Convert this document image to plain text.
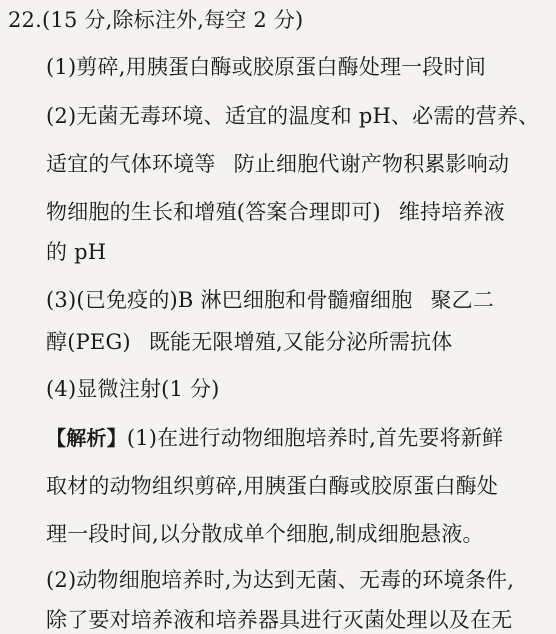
22.(15 分,除标注外,每空 2 分)
(1)剪碎,用胰蛋白酶或胶原蛋白酶处理一段时间
(2)无菌无毒环境、适宜的温度和 pH、必需的营养、
适宜的气体环境等 防止细胞代谢产物积累影响动
物细胞的生长和增殖(答案合理即可) 维持培养液
的 pH
(3)(已免疫的)B 淋巴细胞和骨髓瘤细胞 聚乙二
醇(PEG) 既能无限增殖,又能分泌所需抗体
(4)显微注射(1 分)
【解析】(1)在进行动物细胞培养时,首先要将新鲜
取材的动物组织剪碎,用胰蛋白酶或胶原蛋白酶处
理一段时间,以分散成单个细胞,制成细胞悬液。
(2)动物细胞培养时,为达到无菌、无毒的环境条件,
除了要对培养液和培养器具进行灭菌处理以及在无
